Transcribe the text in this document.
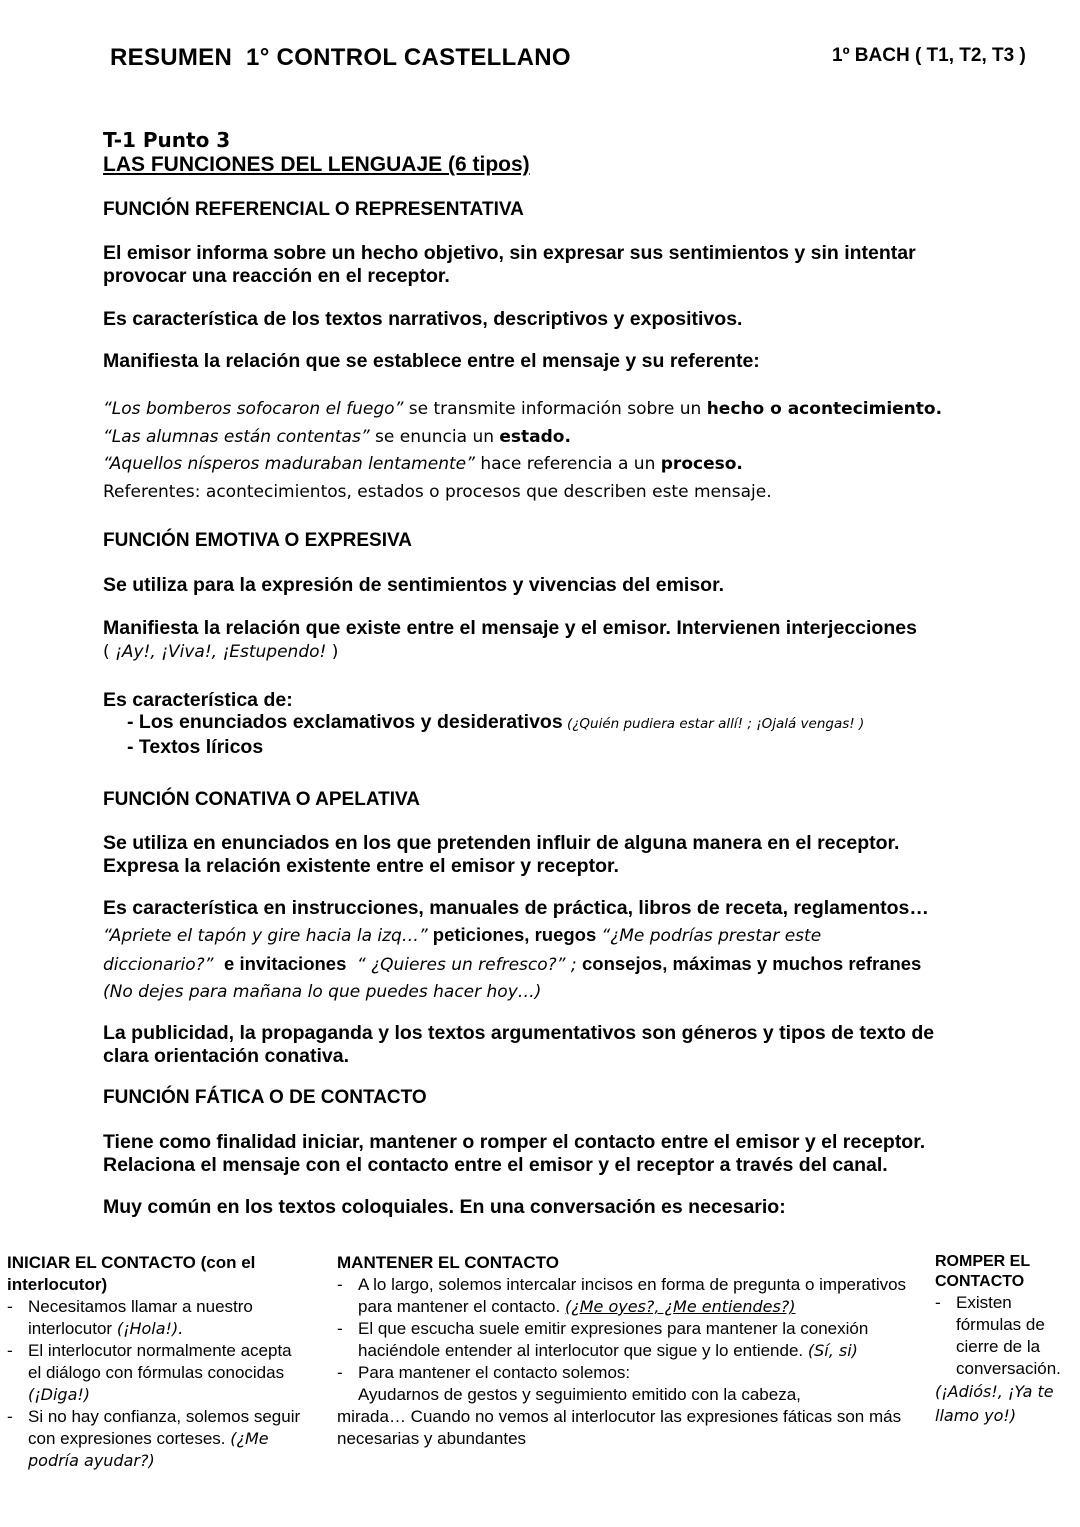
RESUMEN  1° CONTROL CASTELLANO	1º BACH ( T1, T2, T3 )
T-1 Punto 3
LAS FUNCIONES DEL LENGUAJE (6 tipos)
FUNCIÓN REFERENCIAL O REPRESENTATIVA
El emisor informa sobre un hecho objetivo, sin expresar sus sentimientos y sin intentar
provocar una reacción en el receptor.
Es característica de los textos narrativos, descriptivos y expositivos.
Manifiesta la relación que se establece entre el mensaje y su referente:
“Los bomberos sofocaron el fuego” se transmite información sobre un hecho o acontecimiento.
“Las alumnas están contentas” se enuncia un estado.
“Aquellos nísperos maduraban lentamente” hace referencia a un proceso.
Referentes: acontecimientos, estados o procesos que describen este mensaje.
FUNCIÓN EMOTIVA O EXPRESIVA
Se utiliza para la expresión de sentimientos y vivencias del emisor.
Manifiesta la relación que existe entre el mensaje y el emisor. Intervienen interjecciones
( ¡Ay!, ¡Viva!, ¡Estupendo! )
Es característica de:
- Los enunciados exclamativos y desiderativos (¿Quién pudiera estar allí! ; ¡Ojalá vengas! )
- Textos líricos
FUNCIÓN CONATIVA O APELATIVA
Se utiliza en enunciados en los que pretenden influir de alguna manera en el receptor.
Expresa la relación existente entre el emisor y receptor.
Es característica en instrucciones, manuales de práctica, libros de receta, reglamentos…
“Apriete el tapón y gire hacia la izq…” peticiones, ruegos “¿Me podrías prestar este
diccionario?”  e invitaciones  “ ¿Quieres un refresco?” ; consejos, máximas y muchos refranes
(No dejes para mañana lo que puedes hacer hoy…)
La publicidad, la propaganda y los textos argumentativos son géneros y tipos de texto de
clara orientación conativa.
FUNCIÓN FÁTICA O DE CONTACTO
Tiene como finalidad iniciar, mantener o romper el contacto entre el emisor y el receptor.
Relaciona el mensaje con el contacto entre el emisor y el receptor a través del canal.
Muy común en los textos coloquiales. En una conversación es necesario:
INICIAR EL CONTACTO (con el
interlocutor)
- Necesitamos llamar a nuestro interlocutor (¡Hola!).
- El interlocutor normalmente acepta el diálogo con fórmulas conocidas (¡Diga!)
- Si no hay confianza, solemos seguir con expresiones corteses. (¿Me podría ayudar?)
MANTENER EL CONTACTO
- A lo largo, solemos intercalar incisos en forma de pregunta o imperativos para mantener el contacto. (¿Me oyes?, ¿Me entiendes?)
- El que escucha suele emitir expresiones para mantener la conexión haciéndole entender al interlocutor que sigue y lo entiende. (Sí, si)
- Para mantener el contacto solemos:
Ayudarnos de gestos y seguimiento emitido con la cabeza,
mirada… Cuando no vemos al interlocutor las expresiones fáticas son más necesarias y abundantes
ROMPER EL
CONTACTO
- Existen fórmulas de cierre de la conversación.
(¡Adiós!, ¡Ya te llamo yo!)
